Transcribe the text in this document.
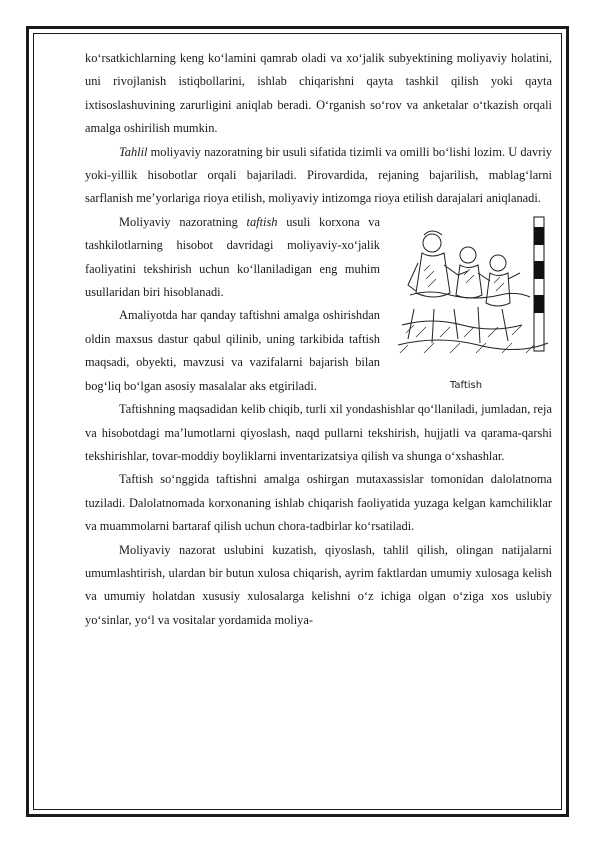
ko‘rsatkichlarning keng ko‘lamini qamrab oladi va xo‘jalik subyektining moliyaviy holatini, uni rivojlanish istiqbollarini, ishlab chiqarishni qayta tashkil qilish yoki qayta ixtisoslashuvining zarurligini aniqlab beradi. O‘rganish so‘rov va anketalar o‘tkazish orqali amalga oshirilish mumkin.

Tahlil moliyaviy nazoratning bir usuli sifatida tizimli va omilli bo‘lishi lozim. U davriy yoki-yillik hisobotlar orqali bajariladi. Pirovardida, rejaning bajarilish, mablag‘larni sarflanish me’yorlariga rioya etilish, moliyaviy intizomga rioya etilish darajalari aniqlanadi.

Moliyaviy nazoratning taftish usuli korxona va tashkilotlarning hisobot davridagi moliyaviy-xo‘jalik faoliyatini tekshirish uchun ko‘llaniladigan eng muhim usullaridan biri hisoblanadi.

Amaliyotda har qanday taftishni amalga oshirishdan oldin maxsus dastur qabul qilinib, uning tarkibida taftish maqsadi, obyekti, mavzusi va vazifalarni bajarish bilan bog‘liq bo‘lgan asosiy masalalar aks etgiriladi.	Taftish

Taftishning maqsadidan kelib chiqib, turli xil yondashishlar qo‘llaniladi, jumladan, reja va hisobotdagi ma’lumotlarni qiyoslash, naqd pullarni tekshirish, hujjatli va qarama-qarshi tekshirishlar, tovar-moddiy boyliklarni inventarizatsiya qilish va shunga o‘xshashlar.

Taftish so‘nggida taftishni amalga oshirgan mutaxassislar tomonidan dalolatnoma tuziladi. Dalolatnomada korxonaning ishlab chiqarish faoliyatida yuzaga kelgan kamchiliklar va muammolarni bartaraf qilish uchun chora-tadbirlar ko‘rsatiladi.

Moliyaviy nazorat uslubini kuzatish, qiyoslash, tahlil qilish, olingan natijalarni umumlashtirish, ulardan bir butun xulosa chiqarish, ayrim faktlardan umumiy xulosaga kelish va umumiy holatdan xususiy xulosalarga kelishni o‘z ichiga olgan o‘ziga xos uslubiy yo‘sinlar, yo‘l va vositalar yordamida moliya-
